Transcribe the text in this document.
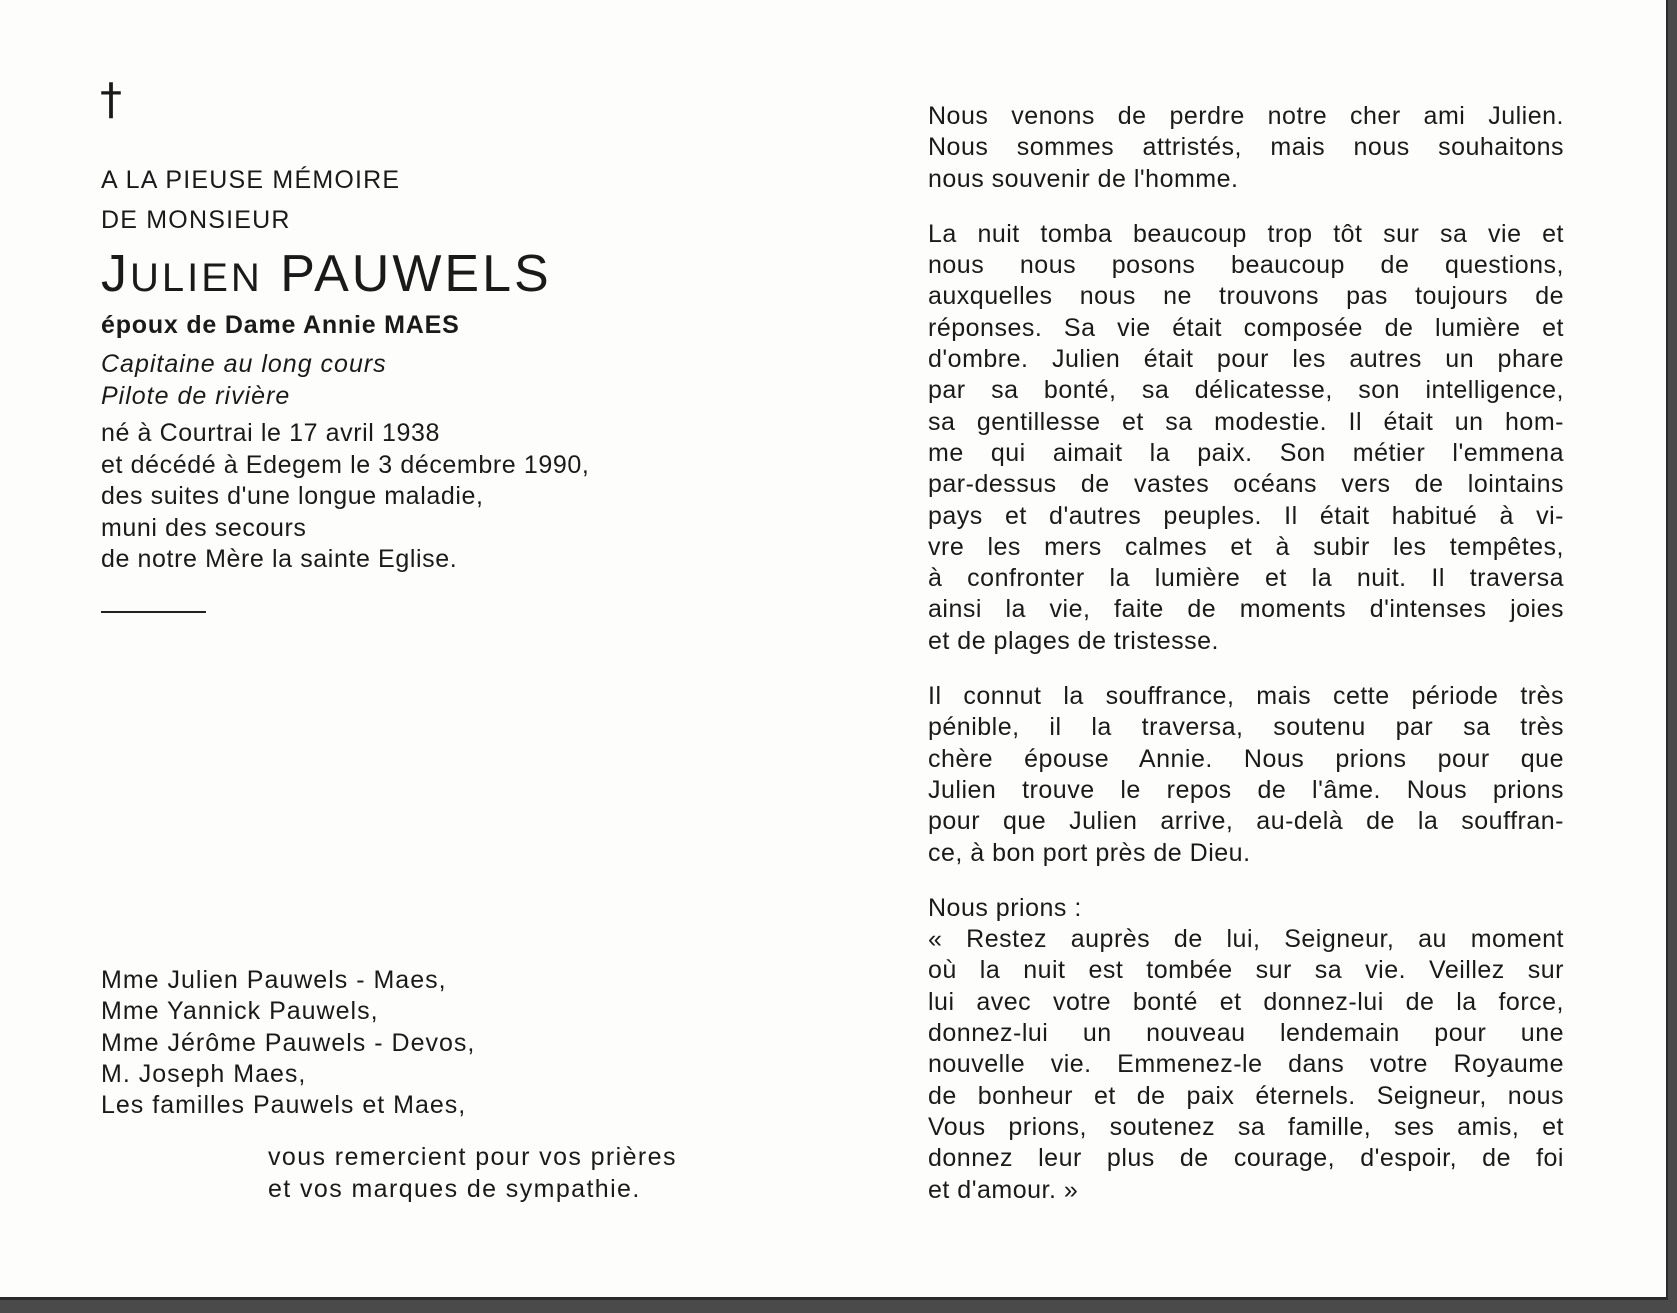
†

A LA PIEUSE MÉMOIRE

DE MONSIEUR

JULIEN PAUWELS

époux de Dame Annie MAES

Capitaine au long cours
Pilote de rivière

né à Courtrai le 17 avril 1938
et décédé à Edegem le 3 décembre 1990,
des suites d'une longue maladie,
muni des secours
de notre Mère la sainte Eglise.

Mme Julien Pauwels - Maes,
Mme Yannick Pauwels,
Mme Jérôme Pauwels - Devos,
M. Joseph Maes,
Les familles Pauwels et Maes,
vous remercient pour vos prières
et vos marques de sympathie.

Nous venons de perdre notre cher ami Julien.
Nous sommes attristés, mais nous souhaitons
nous souvenir de l'homme.

La nuit tomba beaucoup trop tôt sur sa vie et
nous nous posons beaucoup de questions,
auxquelles nous ne trouvons pas toujours de
réponses. Sa vie était composée de lumière et
d'ombre. Julien était pour les autres un phare
par sa bonté, sa délicatesse, son intelligence,
sa gentillesse et sa modestie. Il était un hom-
me qui aimait la paix. Son métier l'emmena
par-dessus de vastes océans vers de lointains
pays et d'autres peuples. Il était habitué à vi-
vre les mers calmes et à subir les tempêtes,
à confronter la lumière et la nuit. Il traversa
ainsi la vie, faite de moments d'intenses joies
et de plages de tristesse.

Il connut la souffrance, mais cette période très
pénible, il la traversa, soutenu par sa très
chère épouse Annie. Nous prions pour que
Julien trouve le repos de l'âme. Nous prions
pour que Julien arrive, au-delà de la souffran-
ce, à bon port près de Dieu.

Nous prions :
« Restez auprès de lui, Seigneur, au moment
où la nuit est tombée sur sa vie. Veillez sur
lui avec votre bonté et donnez-lui de la force,
donnez-lui un nouveau lendemain pour une
nouvelle vie. Emmenez-le dans votre Royaume
de bonheur et de paix éternels. Seigneur, nous
Vous prions, soutenez sa famille, ses amis, et
donnez leur plus de courage, d'espoir, de foi
et d'amour. »
